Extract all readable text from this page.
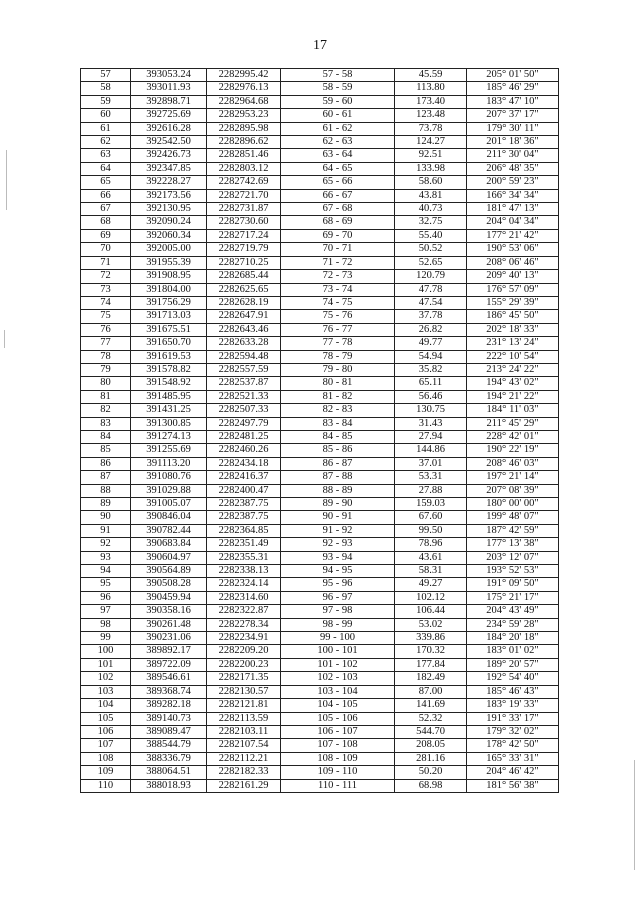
17
57	393053.24	2282995.42	57 - 58	45.59	205° 01' 50"
58	393011.93	2282976.13	58 - 59	113.80	185° 46' 29"
59	392898.71	2282964.68	59 - 60	173.40	183° 47' 10"
60	392725.69	2282953.23	60 - 61	123.48	207° 37' 17"
61	392616.28	2282895.98	61 - 62	73.78	179° 30' 11"
62	392542.50	2282896.62	62 - 63	124.27	201° 18' 36"
63	392426.73	2282851.46	63 - 64	92.51	211° 30' 04"
64	392347.85	2282803.12	64 - 65	133.98	206° 48' 35"
65	392228.27	2282742.69	65 - 66	58.60	200° 59' 23"
66	392173.56	2282721.70	66 - 67	43.81	166° 34' 34"
67	392130.95	2282731.87	67 - 68	40.73	181° 47' 13"
68	392090.24	2282730.60	68 - 69	32.75	204° 04' 34"
69	392060.34	2282717.24	69 - 70	55.40	177° 21' 42"
70	392005.00	2282719.79	70 - 71	50.52	190° 53' 06"
71	391955.39	2282710.25	71 - 72	52.65	208° 06' 46"
72	391908.95	2282685.44	72 - 73	120.79	209° 40' 13"
73	391804.00	2282625.65	73 - 74	47.78	176° 57' 09"
74	391756.29	2282628.19	74 - 75	47.54	155° 29' 39"
75	391713.03	2282647.91	75 - 76	37.78	186° 45' 50"
76	391675.51	2282643.46	76 - 77	26.82	202° 18' 33"
77	391650.70	2282633.28	77 - 78	49.77	231° 13' 24"
78	391619.53	2282594.48	78 - 79	54.94	222° 10' 54"
79	391578.82	2282557.59	79 - 80	35.82	213° 24' 22"
80	391548.92	2282537.87	80 - 81	65.11	194° 43' 02"
81	391485.95	2282521.33	81 - 82	56.46	194° 21' 22"
82	391431.25	2282507.33	82 - 83	130.75	184° 11' 03"
83	391300.85	2282497.79	83 - 84	31.43	211° 45' 29"
84	391274.13	2282481.25	84 - 85	27.94	228° 42' 01"
85	391255.69	2282460.26	85 - 86	144.86	190° 22' 19"
86	391113.20	2282434.18	86 - 87	37.01	208° 46' 03"
87	391080.76	2282416.37	87 - 88	53.31	197° 21' 14"
88	391029.88	2282400.47	88 - 89	27.88	207° 08' 39"
89	391005.07	2282387.75	89 - 90	159.03	180° 00' 00"
90	390846.04	2282387.75	90 - 91	67.60	199° 48' 07"
91	390782.44	2282364.85	91 - 92	99.50	187° 42' 59"
92	390683.84	2282351.49	92 - 93	78.96	177° 13' 38"
93	390604.97	2282355.31	93 - 94	43.61	203° 12' 07"
94	390564.89	2282338.13	94 - 95	58.31	193° 52' 53"
95	390508.28	2282324.14	95 - 96	49.27	191° 09' 50"
96	390459.94	2282314.60	96 - 97	102.12	175° 21' 17"
97	390358.16	2282322.87	97 - 98	106.44	204° 43' 49"
98	390261.48	2282278.34	98 - 99	53.02	234° 59' 28"
99	390231.06	2282234.91	99 - 100	339.86	184° 20' 18"
100	389892.17	2282209.20	100 - 101	170.32	183° 01' 02"
101	389722.09	2282200.23	101 - 102	177.84	189° 20' 57"
102	389546.61	2282171.35	102 - 103	182.49	192° 54' 40"
103	389368.74	2282130.57	103 - 104	87.00	185° 46' 43"
104	389282.18	2282121.81	104 - 105	141.69	183° 19' 33"
105	389140.73	2282113.59	105 - 106	52.32	191° 33' 17"
106	389089.47	2282103.11	106 - 107	544.70	179° 32' 02"
107	388544.79	2282107.54	107 - 108	208.05	178° 42' 50"
108	388336.79	2282112.21	108 - 109	281.16	165° 33' 31"
109	388064.51	2282182.33	109 - 110	50.20	204° 46' 42"
110	388018.93	2282161.29	110 - 111	68.98	181° 56' 38"
